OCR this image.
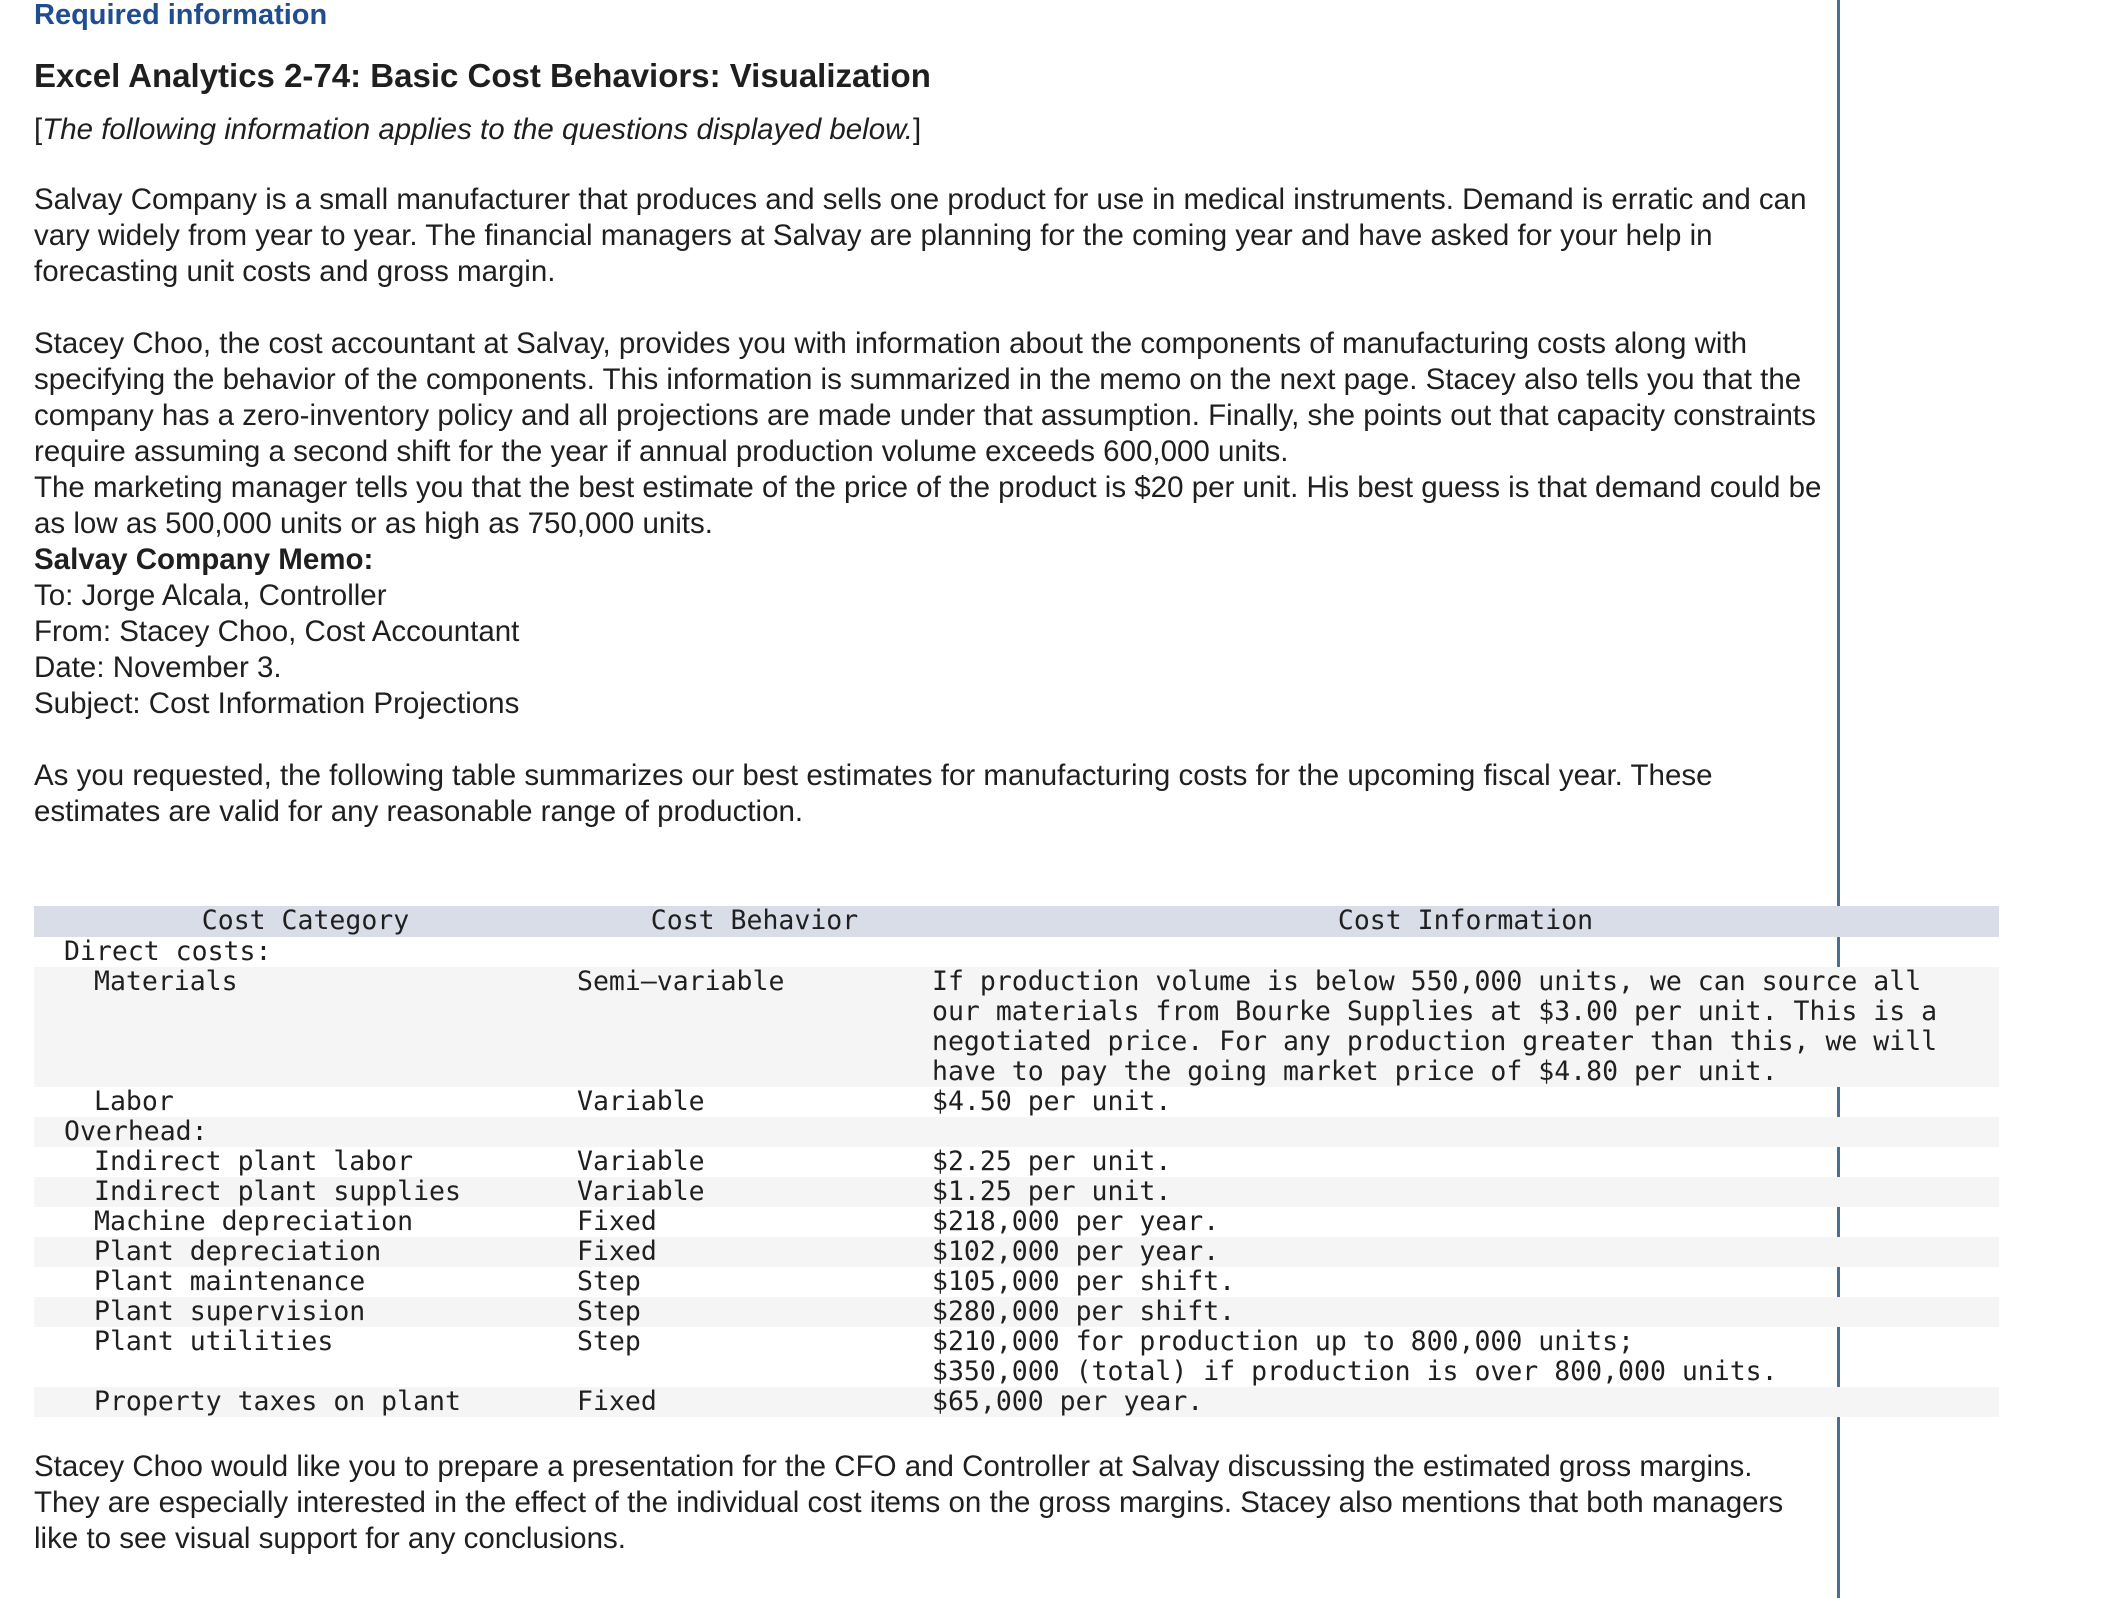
Required information
Excel Analytics 2-74: Basic Cost Behaviors: Visualization
[The following information applies to the questions displayed below.]

Salvay Company is a small manufacturer that produces and sells one product for use in medical instruments. Demand is erratic and can vary widely from year to year. The financial managers at Salvay are planning for the coming year and have asked for your help in forecasting unit costs and gross margin.

Stacey Choo, the cost accountant at Salvay, provides you with information about the components of manufacturing costs along with specifying the behavior of the components. This information is summarized in the memo on the next page. Stacey also tells you that the company has a zero-inventory policy and all projections are made under that assumption. Finally, she points out that capacity constraints require assuming a second shift for the year if annual production volume exceeds 600,000 units.

The marketing manager tells you that the best estimate of the price of the product is $20 per unit. His best guess is that demand could be as low as 500,000 units or as high as 750,000 units.

Salvay Company Memo:

To: Jorge Alcala, Controller

From: Stacey Choo, Cost Accountant

Date: November 3.

Subject: Cost Information Projections

As you requested, the following table summarizes our best estimates for manufacturing costs for the upcoming fiscal year. These estimates are valid for any reasonable range of production.

Cost Category	Cost Behavior	Cost Information
Direct costs:		
Materials	Semi–variable	If production volume is below 550,000 units, we can source all
our materials from Bourke Supplies at $3.00 per unit. This is a
negotiated price. For any production greater than this, we will
have to pay the going market price of $4.80 per unit.

Labor	Variable	$4.50 per unit.
Overhead:		
Indirect plant labor	Variable	$2.25 per unit.
Indirect plant supplies	Variable	$1.25 per unit.
Machine depreciation	Fixed	$218,000 per year.
Plant depreciation	Fixed	$102,000 per year.
Plant maintenance	Step	$105,000 per shift.
Plant supervision	Step	$280,000 per shift.
Plant utilities	Step	$210,000 for production up to 800,000 units;
$350,000 (total) if production is over 800,000 units.

Property taxes on plant	Fixed	$65,000 per year.

Stacey Choo would like you to prepare a presentation for the CFO and Controller at Salvay discussing the estimated gross margins. They are especially interested in the effect of the individual cost items on the gross margins. Stacey also mentions that both managers like to see visual support for any conclusions.
